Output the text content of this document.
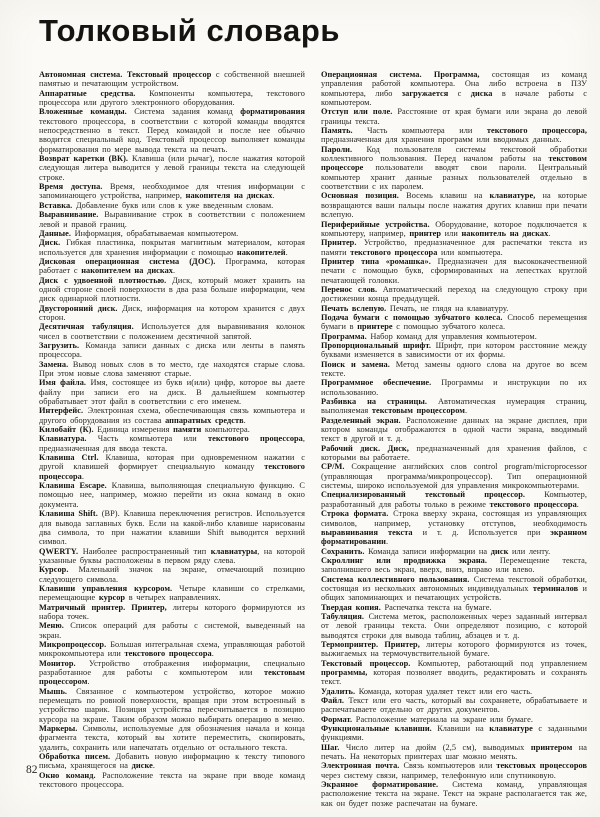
Толковый словарь

Автономная система. Текстовый процессор с собственной внешней памятью и печатающим устройством.

Аппаратные средства. Компоненты компьютера, текстового процессора или другого электронного оборудования.

Вложенные команды. Система задания команд форматирования текстового процессора, в соответствии с которой команды вводятся непосредственно в текст. Перед командой и после нее обычно вводится специальный код. Текстовый процессор выполняет команды форматирования по мере вывода текста на печать.

Возврат каретки (ВК). Клавиша (или рычаг), после нажатия которой следующая литера выводится у левой границы текста на следующей строке.

Время доступа. Время, необходимое для чтения информации с запоминающего устройства, например, накопителя на дисках.

Вставка. Добавление букв или слов к уже введенным словам.

Выравнивание. Выравнивание строк в соответствии с положением левой и правой границ.

Данные. Информация, обрабатываемая компьютером.

Диск. Гибкая пластинка, покрытая магнитным материалом, которая используется для хранения информации с помощью накопителей.

Дисковая операционная система (ДОС). Программа, которая работает с накопителем на дисках.

Диск с удвоенной плотностью. Диск, который может хранить на одной стороне своей поверхности в два раза больше информации, чем диск одинарной плотности.

Двусторонний диск. Диск, информация на котором хранится с двух сторон.

Десятичная табуляция. Используется для выравнивания колонок чисел в соответствии с положением десятичной запятой.

Загрузить. Команда записи данных с диска или ленты в память процессора.

Замена. Вывод новых слов в то место, где находятся старые слова. При этом новые слова заменяют старые.

Имя файла. Имя, состоящее из букв и(или) цифр, которое вы даете файлу при записи его на диск. В дальнейшем компьютер обрабатывает этот файл в соответствии с его именем.

Интерфейс. Электронная схема, обеспечивающая связь компьютера и другого оборудования из состава аппаратных средств.

Килобайт (К). Единица измерения памяти компьютера.

Клавиатура. Часть компьютера или текстового процессора, предназначенная для ввода текста.

Клавиша Ctrl. Клавиша, которая при одновременном нажатии с другой клавишей формирует специальную команду текстового процессора.

Клавиша Escape. Клавиша, выполняющая специальную функцию. С помощью нее, например, можно перейти из окна команд в окно документа.

Клавиша Shift. (ВР). Клавиша переключения регистров. Используется для вывода заглавных букв. Если на какой-либо клавише нарисованы два символа, то при нажатии клавиши Shift выводится верхний символ.

QWERTY. Наиболее распространенный тип клавиатуры, на которой указанные буквы расположены в первом ряду слева.

Курсор. Маленький значок на экране, отмечающий позицию следующего символа.

Клавиши управления курсором. Четыре клавиши со стрелками, перемещающие курсор в четырех направлениях.

Матричный принтер. Принтер, литеры которого формируются из набора точек.

Меню. Список операций для работы с системой, выведенный на экран.

Микропроцессор. Большая интегральная схема, управляющая работой микрокомпьютера или текстового процессора.

Монитор. Устройство отображения информации, специально разработанное для работы с компьютером или текстовым процессором.

Мышь. Связанное с компьютером устройство, которое можно перемещать по ровной поверхности, вращая при этом встроенный в устройство шарик. Позиция устройства пересчитывается в позицию курсора на экране. Таким образом можно выбирать операцию в меню.

Маркеры. Символы, используемые для обозначения начала и конца фрагмента текста, который вы хотите переместить, скопировать, удалить, сохранить или напечатать отдельно от остального текста.

Обработка писем. Добавить новую информацию к тексту типового письма, хранящегося на диске.

Окно команд. Расположение текста на экране при вводе команд текстового процессора.

Операционная система. Программа, состоящая из команд управления работой компьютера. Она либо встроена в ПЗУ компьютера, либо загружается с диска в начале работы с компьютером.

Отступ или поле. Расстояние от края бумаги или экрана до левой границы текста.

Память. Часть компьютера или текстового процессора, предназначенная для хранения программ или вводимых данных.

Пароли. Код пользователя системы текстовой обработки коллективного пользования. Перед началом работы на текстовом процессоре пользователи вводят свои пароли. Центральный компьютер хранит данные разных пользователей отдельно в соответствии с их паролем.

Основная позиция. Восемь клавиш на клавиатуре, на которые возвращаются ваши пальцы после нажатия других клавиш при печати вслепую.

Периферийные устройства. Оборудование, которое подключается к компьютеру, например, принтер или накопитель на дисках.

Принтер. Устройство, предназначенное для распечатки текста из памяти текстового процессора или компьютера.

Принтер типа «ромашка». Предназначен для высококачественной печати с помощью букв, сформированных на лепестках круглой печатающей головки.

Перенос слов. Автоматический переход на следующую строку при достижении конца предыдущей.

Печать вслепую. Печать, не глядя на клавиатуру.

Подача бумаги с помощью зубчатого колеса. Способ перемещения бумаги в принтере с помощью зубчатого колеса.

Программа. Набор команд для управления компьютером.

Пропорциональный шрифт. Шрифт, при котором расстояние между буквами изменяется в зависимости от их формы.

Поиск и замена. Метод замены одного слова на другое во всем тексте.

Программное обеспечение. Программы и инструкции по их использованию.

Разбивка на страницы. Автоматическая нумерация страниц, выполняемая текстовым процессором.

Разделенный экран. Расположение данных на экране дисплея, при котором команды отображаются в одной части экрана, вводимый текст в другой и т. д.

Рабочий диск. Диск, предназначенный для хранения файлов, с которыми вы работаете.

СР/М. Сокращение английских слов control program/microprocessor (управляющая программа/микропроцессор). Тип операционной системы, широко используемой для управления микрокомпьютерами.

Специализированный текстовый процессор. Компьютер, разработанный для работы только в режиме текстового процессора.

Строка формата. Строка вверху экрана, состоящая из управляющих символов, например, установку отступов, необходимость выравнивания текста и т. д. Используется при экранном форматировании.

Сохранить. Команда записи информации на диск или ленту.

Скроллинг или продвижка экрана. Перемещение текста, заполнившего весь экран, вверх, вниз, вправо или влево.

Система коллективного пользования. Система текстовой обработки, состоящая из нескольких автономных индивидуальных терминалов и общих запоминающих и печатающих устройств.

Твердая копия. Распечатка текста на бумаге.

Табуляция. Система меток, расположенных через заданный интервал от левой границы текста. Они определяют позицию, с которой выводятся строки для вывода таблиц, абзацев и т. д.

Термопринтер. Принтер, литеры которого формируются из точек, выжигаемых на термочувствительной бумаге.

Текстовый процессор. Компьютер, работающий под управлением программы, которая позволяет вводить, редактировать и сохранять текст.

Удалить. Команда, которая удаляет текст или его часть.

Файл. Текст или его часть, который вы сохраняете, обрабатываете и распечатываете отдельно от других документов.

Формат. Расположение материала на экране или бумаге.

Функциональные клавиши. Клавиши на клавиатуре с заданными функциями.

Шаг. Число литер на дюйм (2,5 см), выводимых принтером на печать. На некоторых принтерах шаг можно менять.

Электронная почта. Связь компьютеров или текстовых процессоров через систему связи, например, телефонную или спутниковую.

Экранное форматирование. Система команд, управляющая расположение текста на экране. Текст на экране располагается так же, как он будет позже распечатан на бумаге.

82
